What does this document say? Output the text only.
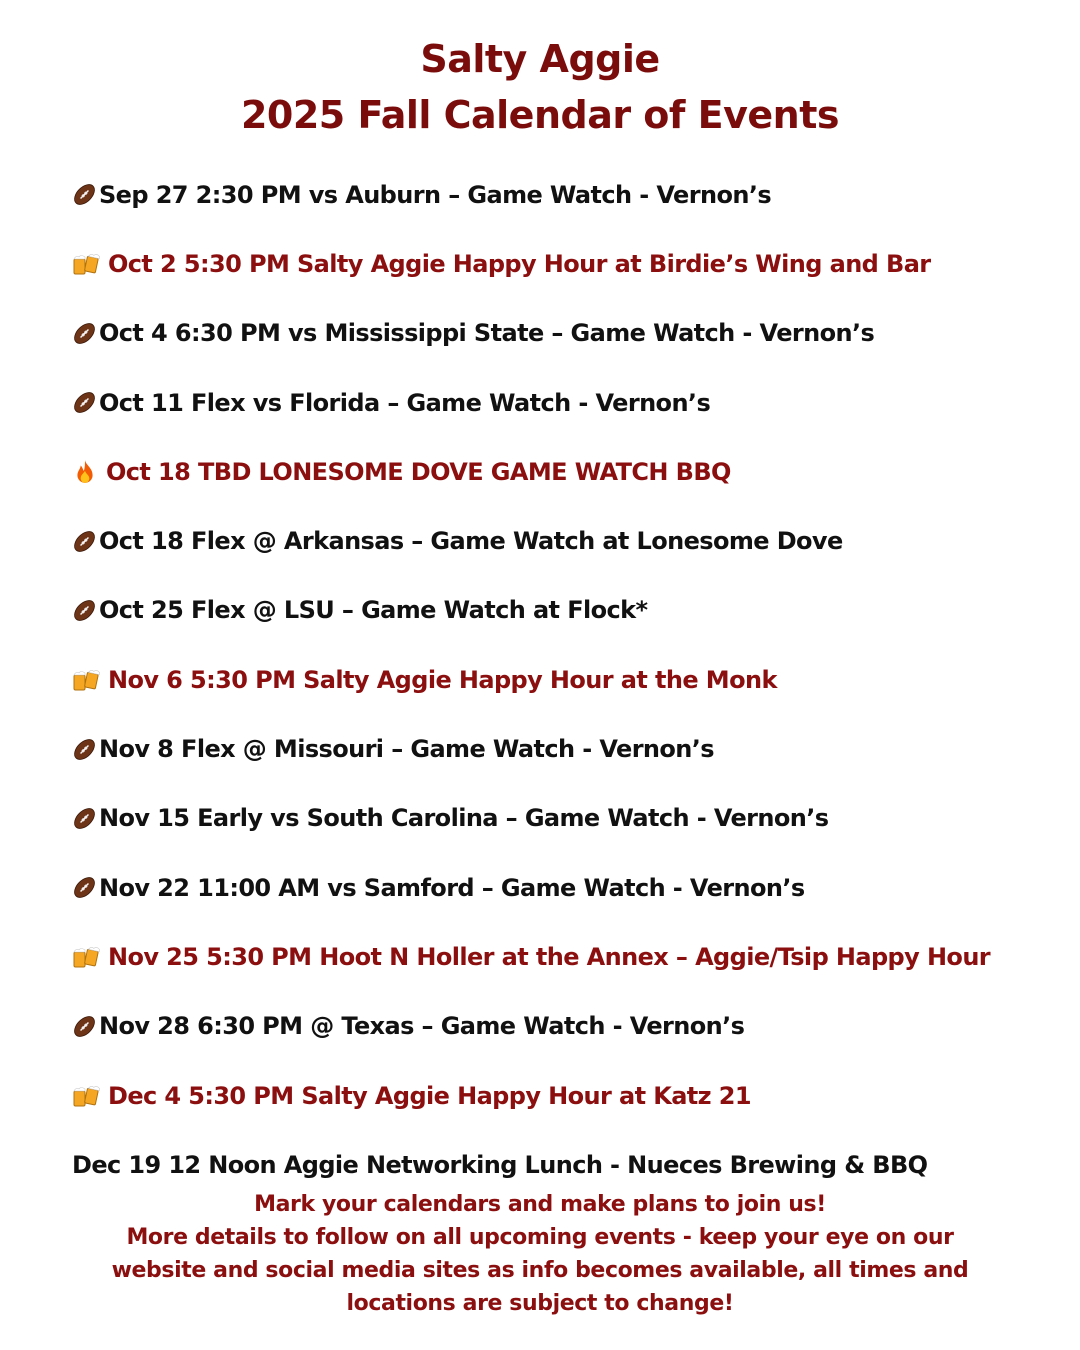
Salty Aggie
2025 Fall Calendar of Events
Sep 27 2:30 PM vs Auburn – Game Watch - Vernon’s
Oct 2 5:30 PM Salty Aggie Happy Hour at Birdie’s Wing and Bar
Oct 4 6:30 PM vs Mississippi State – Game Watch - Vernon’s
Oct 11 Flex vs Florida – Game Watch - Vernon’s
Oct 18 TBD LONESOME DOVE GAME WATCH BBQ
Oct 18 Flex @ Arkansas – Game Watch at Lonesome Dove
Oct 25 Flex @ LSU – Game Watch at Flock*
Nov 6 5:30 PM Salty Aggie Happy Hour at the Monk
Nov 8 Flex @ Missouri – Game Watch - Vernon’s
Nov 15 Early vs South Carolina – Game Watch - Vernon’s
Nov 22 11:00 AM vs Samford – Game Watch - Vernon’s
Nov 25 5:30 PM Hoot N Holler at the Annex – Aggie/Tsip Happy Hour
Nov 28 6:30 PM @ Texas – Game Watch - Vernon’s
Dec 4 5:30 PM Salty Aggie Happy Hour at Katz 21
Dec 19 12 Noon Aggie Networking Lunch - Nueces Brewing & BBQ
Mark your calendars and make plans to join us!
More details to follow on all upcoming events - keep your eye on our
website and social media sites as info becomes available, all times and
locations are subject to change!
